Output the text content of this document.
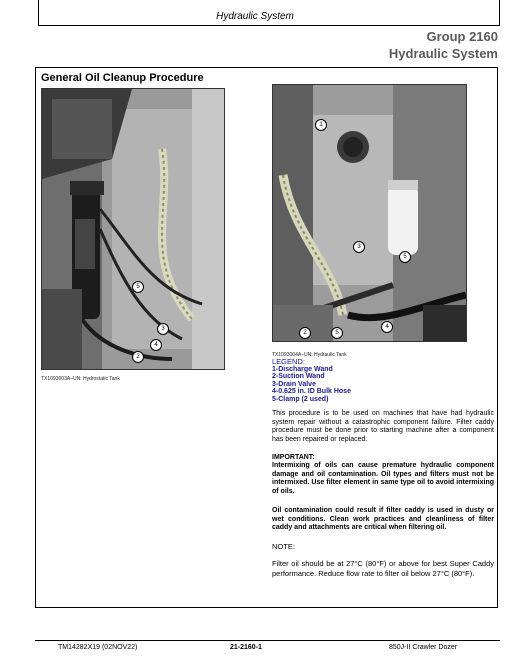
Hydraulic System
Group 2160
Hydraulic System
General Oil Cleanup Procedure
5
3
4
2
TX1093003A–UN: Hydrostatic Tank
1
3
5
2	5
4
TX1093004A–UN: Hydraulic Tank
LEGEND:
1-Discharge Wand
2-Suction Wand
3-Drain Valve
4-0.625 in. ID Bulk Hose
5-Clamp (2 used)
This procedure is to be used on machines that have had hydraulic system repair without a catastrophic component failure. Filter caddy procedure must be done prior to starting machine after a component has been repaired or replaced.
IMPORTANT:
Intermixing of oils can cause premature hydraulic component damage and oil contamination. Oil types and filters must not be intermixed. Use filter element in same type oil to avoid intermixing of oils.
Oil contamination could result if filter caddy is used in dusty or wet conditions. Clean work practices and cleanliness of filter caddy and attachments are critical when filtering oil.
NOTE:
Filter oil should be at 27°C (80°F) or above for best Super Caddy performance. Reduce flow rate to filter oil below 27°C (80°F).
TM14282X19 (02NOV22)	21-2160-1	850J-II Crawler Dozer
